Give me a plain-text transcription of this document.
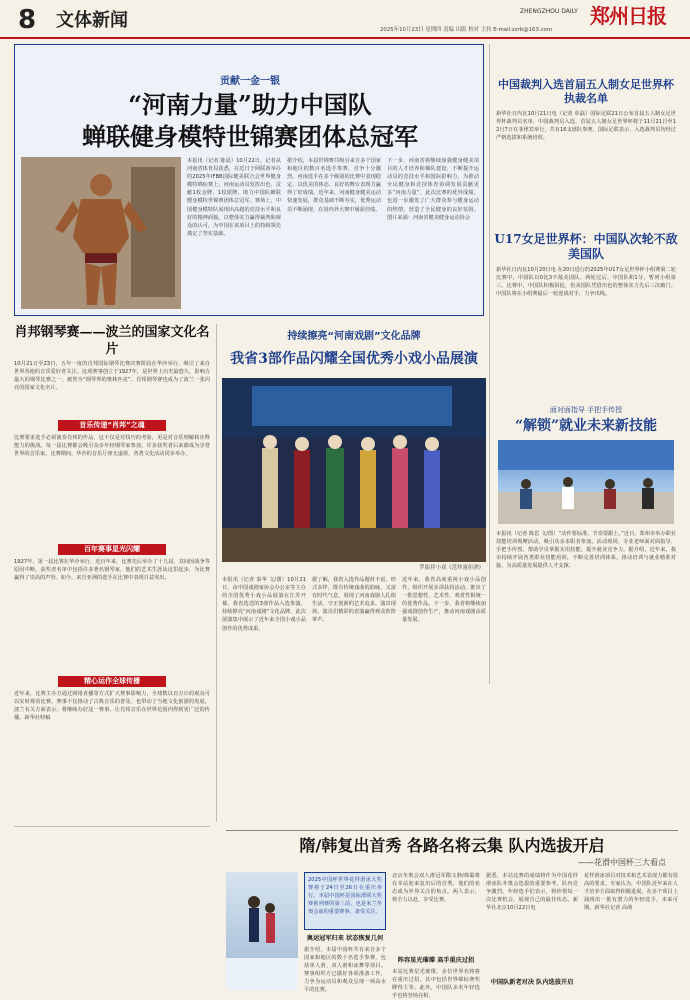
8	文体新闻	ZHENGZHOU DAILY 郑州日报
2025年10月23日 星期四 责编 出版 校对 主持 E-mail:zzrb@163.com
贡献一金一银
“河南力量”助力中国队
蝉联健身模特世锦赛团体总冠军
本报讯（记者 陈晨）10月22日，记者从河南省体育局获悉，在近日于阿联酋举办的2025年IFBB国际健美联合会世界健身模特锦标赛上，河南运动员发挥出色，贡献1枚金牌、1枚银牌，助力中国队蝉联健身模特世锦赛团体总冠军。赛场上，中国健身模特队展现出高超的竞技水平和良好的精神面貌，以整体实力赢得裁判和观众的认可，为中国在该项目上的持续领先奠定了坚实基础。
据介绍，本届世锦赛共吸引来自多个国家和地区的数百名选手参赛，竞争十分激烈。河南选手在多个级别的比赛中表现稳定，以优美的体态、良好的舞台表现力赢得了好成绩。近年来，河南健身健美运动快速发展，群众基础不断夯实，优秀运动员不断涌现，在国内外大赛中屡获佳绩。
下一步，河南省将继续加强健身健美项目的人才培养和梯队建设，不断提升运动员的竞技水平和国际影响力，为推动全民健身和竞技体育协调发展贡献更多“河南力量”。此次比赛的优异成绩，也进一步激发了广大群众参与健身运动的热情，营造了全民健身的良好氛围。图片来源：河南省健美健身运动协会
中国裁判入选首届五人制女足世界杯执裁名单
新华社日内瓦10月21日电（记者 单磊）国际足联21日公布首届五人制女足世界杯裁判员名单，中国裁判员入选。首届五人制女足世界杯将于11月21日至12月7日在菲律宾举行，共有16支球队参赛。国际足联表示，入选裁判员均经过严格选拔和系统培训。
U17女足世界杯：中国队次轮不敌美国队
新华社日内瓦10月20日电 在20日进行的2025年U17女足世界杯小组赛第二轮比赛中，中国队以0比3不敌美国队。两轮过后，中国队积1分，暂列小组第三。比赛中，中国队积极拼抢，但美国队凭借出色的整体实力先后三次破门。中国队将在小组赛最后一轮迎战对手，力争出线。
面对面指导 手把手传授
“解锁”就业未来新技能
本报讯（记者 陈思 文/图）“动作要标准，节奏要跟上。”近日，郑州市举办职业技能培训观摩活动，吸引众多求职者参加。活动现场，专业老师面对面指导、手把手传授，帮助学员掌握实用技能，提升就业竞争力。据介绍，近年来，我市持续开展各类职业技能培训，不断完善培训体系，推动培训与就业精准对接，为高质量发展提供人才支撑。
肖邦钢琴赛——波兰的国家文化名片
10月21日至23日，五年一度的肖邦国际钢琴比赛决赛阶段在华沙举行，吸引了来自世界各地的音乐爱好者关注。这项赛事创立于1927年，是世界上历史最悠久、影响力最大的钢琴比赛之一，被誉为“钢琴界的奥林匹克”。肖邦钢琴赛也成为了波兰一张闪亮的国家文化名片。
音乐传递“肖邦”之魂
比赛要求选手必须演奏肖邦的作品，这不仅是对技巧的考验，更是对音乐理解和诠释能力的挑战。每一届比赛都会吸引众多年轻钢琴家参加，许多获奖者后来都成为享誉世界的音乐家。比赛期间，华沙的音乐厅座无虚席，各类文化活动同步举办。
百年赛事星光闪耀
1927年，第一届比赛在华沙举行。近百年来，比赛先后举办了十九届，其间因战争等原因中断。获奖者名单中包括许多著名钢琴家，他们的艺术生涯从这里起步，为比赛赢得了崇高的声誉。如今，来自亚洲的选手在比赛中表现日益突出。
精心运作全球传播
近年来，比赛主办方通过网络直播等方式扩大赛事影响力，全球数以百万计的观众可以实时观看比赛。赛事不仅推动了古典音乐的普及，也带动了当地文化旅游的发展。波兰有关方面表示，将继续办好这一赛事，让肖邦音乐在世界范围内得到更广泛的传播。新华社特稿
持续擦亮“河南戏剧”文化品牌
我省3部作品闪耀全国优秀小戏小品展演
罗振祥小戏《范仲淹拒酒》
本报讯（记者 秦华 文/图）10月21日，由中国戏剧家协会办公室等主办的全国优秀小戏小品展演在江苏开幕。我省选送的3部作品入选参演，持续擦亮“河南戏剧”文化品牌。此次展演集中展示了近年来全国小戏小品创作的优秀成果。
据了解，我省入选作品题材丰富、形式多样，既有传统戏曲的韵味，又富有时代气息，展现了河南戏剧人扎根生活、守正创新的艺术追求。演出现场，演员们精彩的表演赢得观众阵阵掌声。
近年来，我省高度重视小戏小品创作，组织开展多项扶持活动，推出了一批思想性、艺术性、观赏性相统一的优秀作品。下一步，我省将继续加强戏剧创作生产，推动河南戏剧高质量发展。
隋/韩复出首秀 各路名将云集 队内选拔开启
——花滑中国杯三大看点
2025中国杯世界花样滑冰大奖赛将于24日至26日在重庆举行。本届中国杯是国际滑联大奖赛系列赛的第三站，也是米兰冬奥会前的重要赛事，备受关注。
奥运冠军归来 状态恢复几何
据介绍，本届中国杯共有来自多个国家和地区的数十名选手参赛，包括单人滑、双人滑和冰舞等项目。赛事组织方已做好各项准备工作，力争为运动员和观众呈现一场高水平的比赛。
北京冬奥会双人滑冠军隋文静/韩聪将在本站迎来复出后的首秀，他们的状态成为外界关注的焦点。两人表示，将全力以赴，享受比赛。
阵容星光璀璨 高手重庆过招
本站比赛星光璀璨，多位世界名将将在重庆过招，其中包括世界锦标赛奖牌得主等。此外，中国队多名年轻选手也将登场亮相。
据悉，本站比赛的成绩将作为中国花样滑冰队冬奥会选拔的重要参考，队内竞争激烈。年轻选手们表示，将珍惜每一次比赛机会，展现自己的最佳状态。新华社北京10月22日电
中国队新老对决 队内选拔开启
花样滑冰项目对技术和艺术表现力都有很高的要求。专家认为，中国队近年来在人才培养方面取得积极进展，在多个项目上涌现出一批有潜力的年轻选手，未来可期。新华社记者 高萌
